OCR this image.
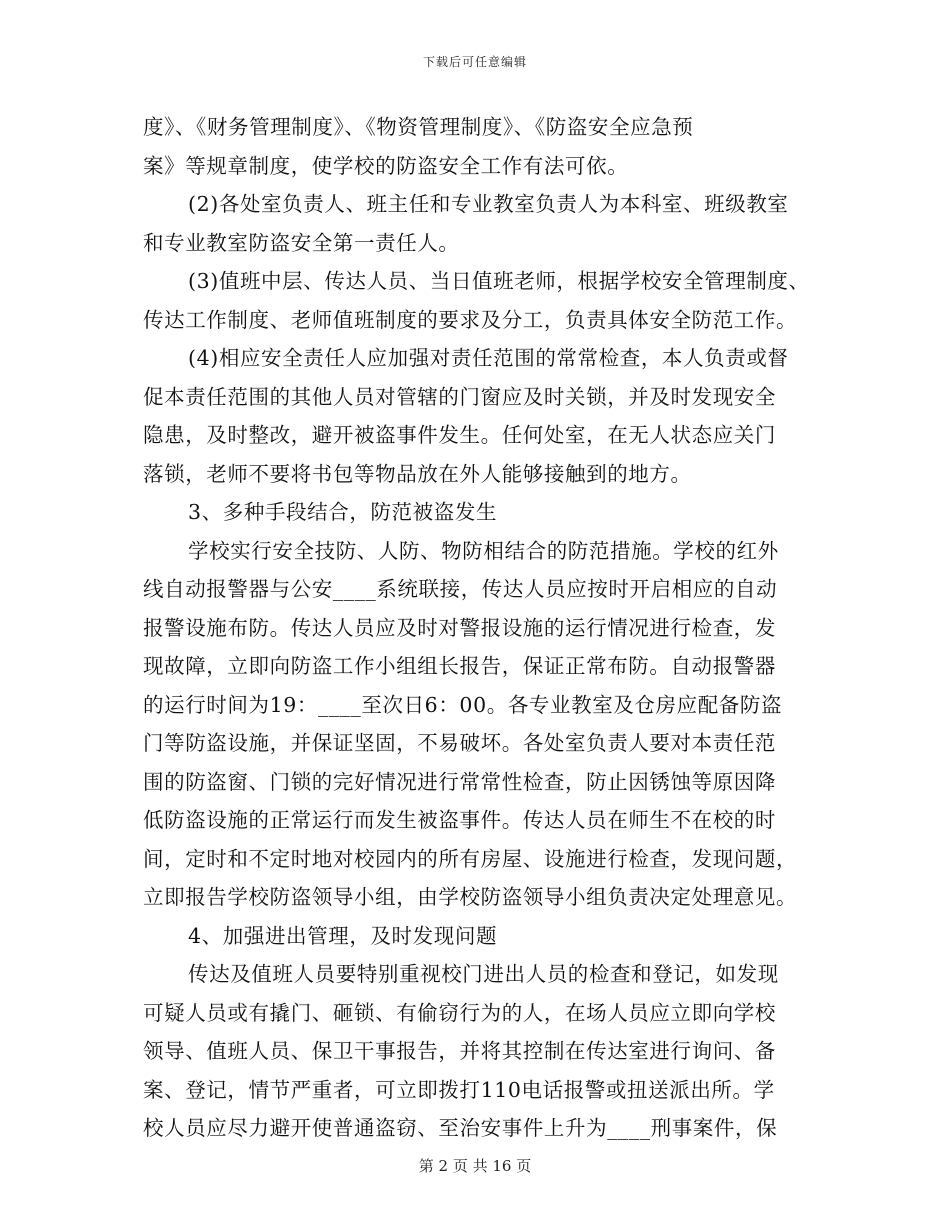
下载后可任意编辑
度》、《财务管理制度》、《物资管理制度》、《防盗安全应急预
案》等规章制度，使学校的防盗安全工作有法可依。
(2)各处室负责人、班主任和专业教室负责人为本科室、班级教室
和专业教室防盗安全第一责任人。
(3)值班中层、传达人员、当日值班老师，根据学校安全管理制度、
传达工作制度、老师值班制度的要求及分工，负责具体安全防范工作。
(4)相应安全责任人应加强对责任范围的常常检查，本人负责或督
促本责任范围的其他人员对管辖的门窗应及时关锁，并及时发现安全
隐患，及时整改，避开被盗事件发生。任何处室，在无人状态应关门
落锁，老师不要将书包等物品放在外人能够接触到的地方。
3、多种手段结合，防范被盗发生
学校实行安全技防、人防、物防相结合的防范措施。学校的红外
线自动报警器与公安____系统联接，传达人员应按时开启相应的自动
报警设施布防。传达人员应及时对警报设施的运行情况进行检查，发
现故障，立即向防盗工作小组组长报告，保证正常布防。自动报警器
的运行时间为19：____至次日6：00。各专业教室及仓房应配备防盗
门等防盗设施，并保证坚固，不易破坏。各处室负责人要对本责任范
围的防盗窗、门锁的完好情况进行常常性检查，防止因锈蚀等原因降
低防盗设施的正常运行而发生被盗事件。传达人员在师生不在校的时
间，定时和不定时地对校园内的所有房屋、设施进行检查，发现问题，
立即报告学校防盗领导小组，由学校防盗领导小组负责决定处理意见。
4、加强进出管理，及时发现问题
传达及值班人员要特别重视校门进出人员的检查和登记，如发现
可疑人员或有撬门、砸锁、有偷窃行为的人，在场人员应立即向学校
领导、值班人员、保卫干事报告，并将其控制在传达室进行询问、备
案、登记，情节严重者，可立即拨打110电话报警或扭送派出所。学
校人员应尽力避开使普通盗窃、至治安事件上升为____刑事案件，保
第 2 页 共 16 页
